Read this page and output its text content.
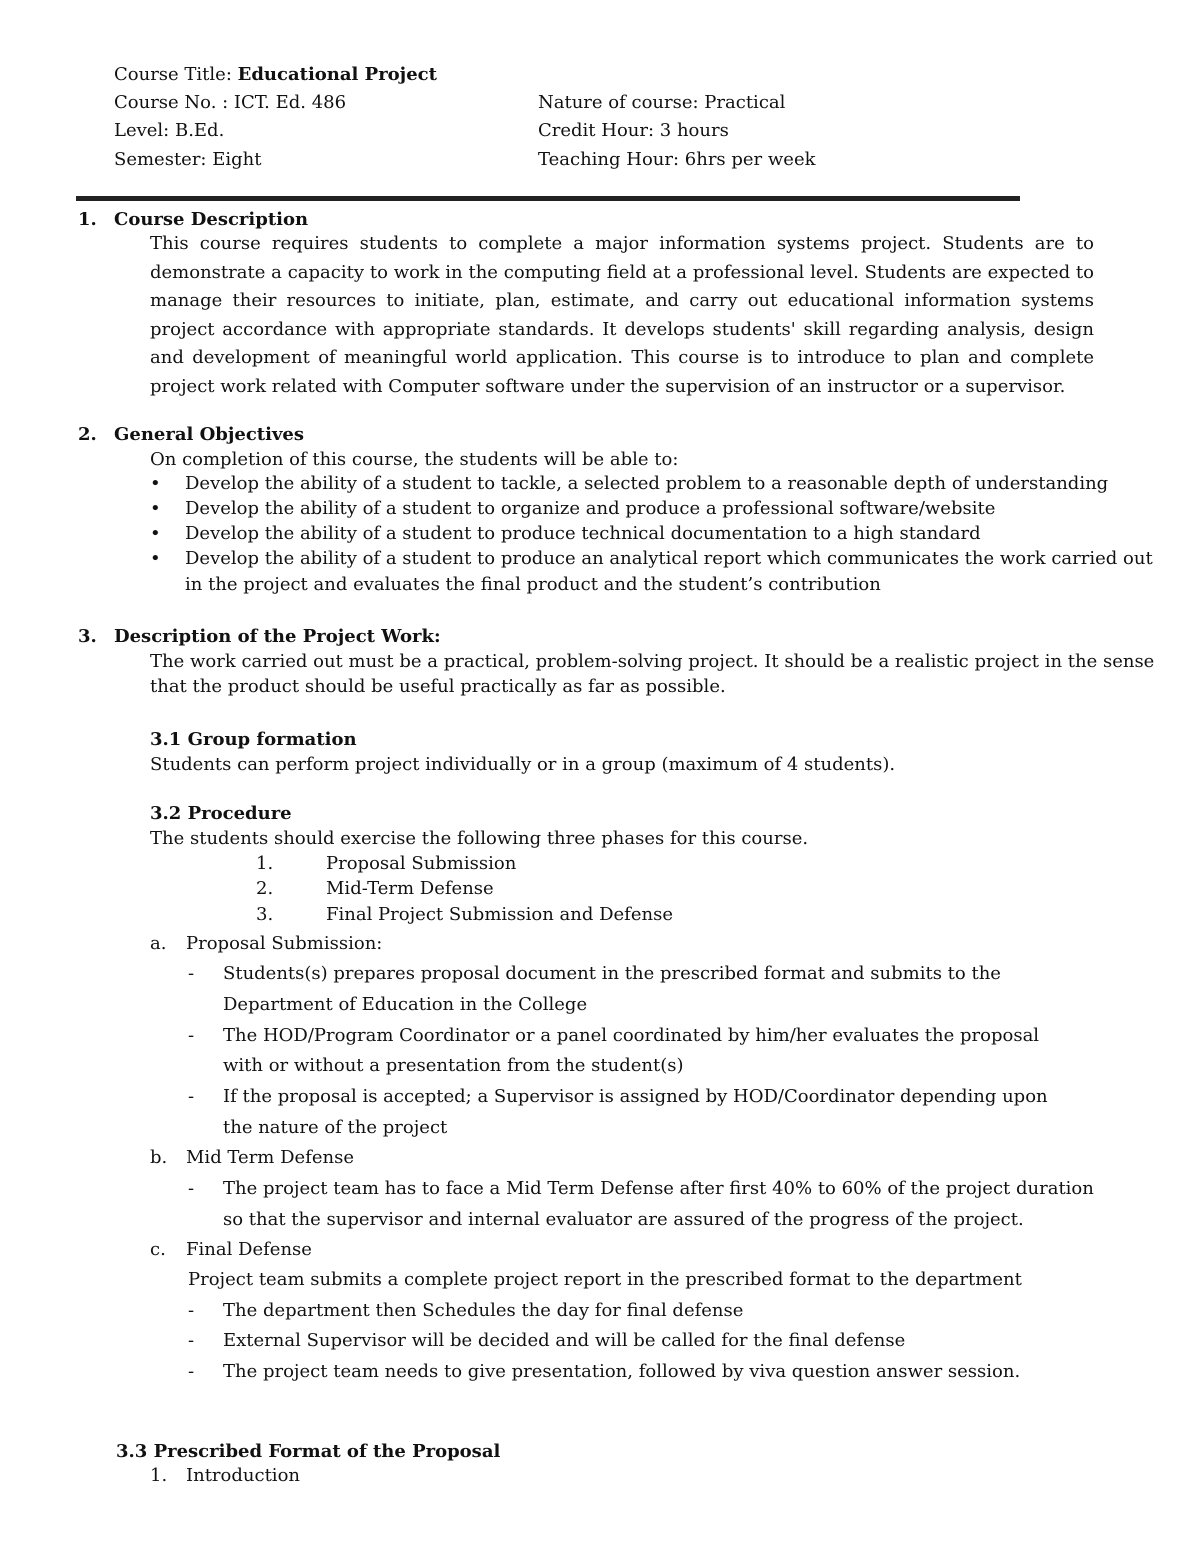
Course Title: Educational Project
Course No. : ICT. Ed. 486	Nature of course: Practical
Level: B.Ed.	Credit Hour: 3 hours
Semester: Eight	Teaching Hour: 6hrs per week
1. Course Description
This course requires students to complete a major information systems project. Students are to demonstrate a capacity to work in the computing field at a professional level. Students are expected to manage their resources to initiate, plan, estimate, and carry out educational information systems project accordance with appropriate standards. It develops students' skill regarding analysis, design and development of meaningful world application. This course is to introduce to plan and complete project work related with Computer software under the supervision of an instructor or a supervisor.
2. General Objectives
On completion of this course, the students will be able to:
• Develop the ability of a student to tackle, a selected problem to a reasonable depth of understanding
• Develop the ability of a student to organize and produce a professional software/website
• Develop the ability of a student to produce technical documentation to a high standard
• Develop the ability of a student to produce an analytical report which communicates the work carried out
in the project and evaluates the final product and the student’s contribution
3. Description of the Project Work:
The work carried out must be a practical, problem-solving project. It should be a realistic project in the sense
that the product should be useful practically as far as possible.
3.1 Group formation
Students can perform project individually or in a group (maximum of 4 students).
3.2 Procedure
The students should exercise the following three phases for this course.
1.	Proposal Submission
2.	Mid-Term Defense
3.	Final Project Submission and Defense
a. Proposal Submission:
- Students(s) prepares proposal document in the prescribed format and submits to the
Department of Education in the College
- The HOD/Program Coordinator or a panel coordinated by him/her evaluates the proposal
with or without a presentation from the student(s)
- If the proposal is accepted; a Supervisor is assigned by HOD/Coordinator depending upon
the nature of the project
b. Mid Term Defense
- The project team has to face a Mid Term Defense after first 40% to 60% of the project duration
so that the supervisor and internal evaluator are assured of the progress of the project.
c. Final Defense
Project team submits a complete project report in the prescribed format to the department
- The department then Schedules the day for final defense
- External Supervisor will be decided and will be called for the final defense
- The project team needs to give presentation, followed by viva question answer session.
3.3 Prescribed Format of the Proposal
1. Introduction
